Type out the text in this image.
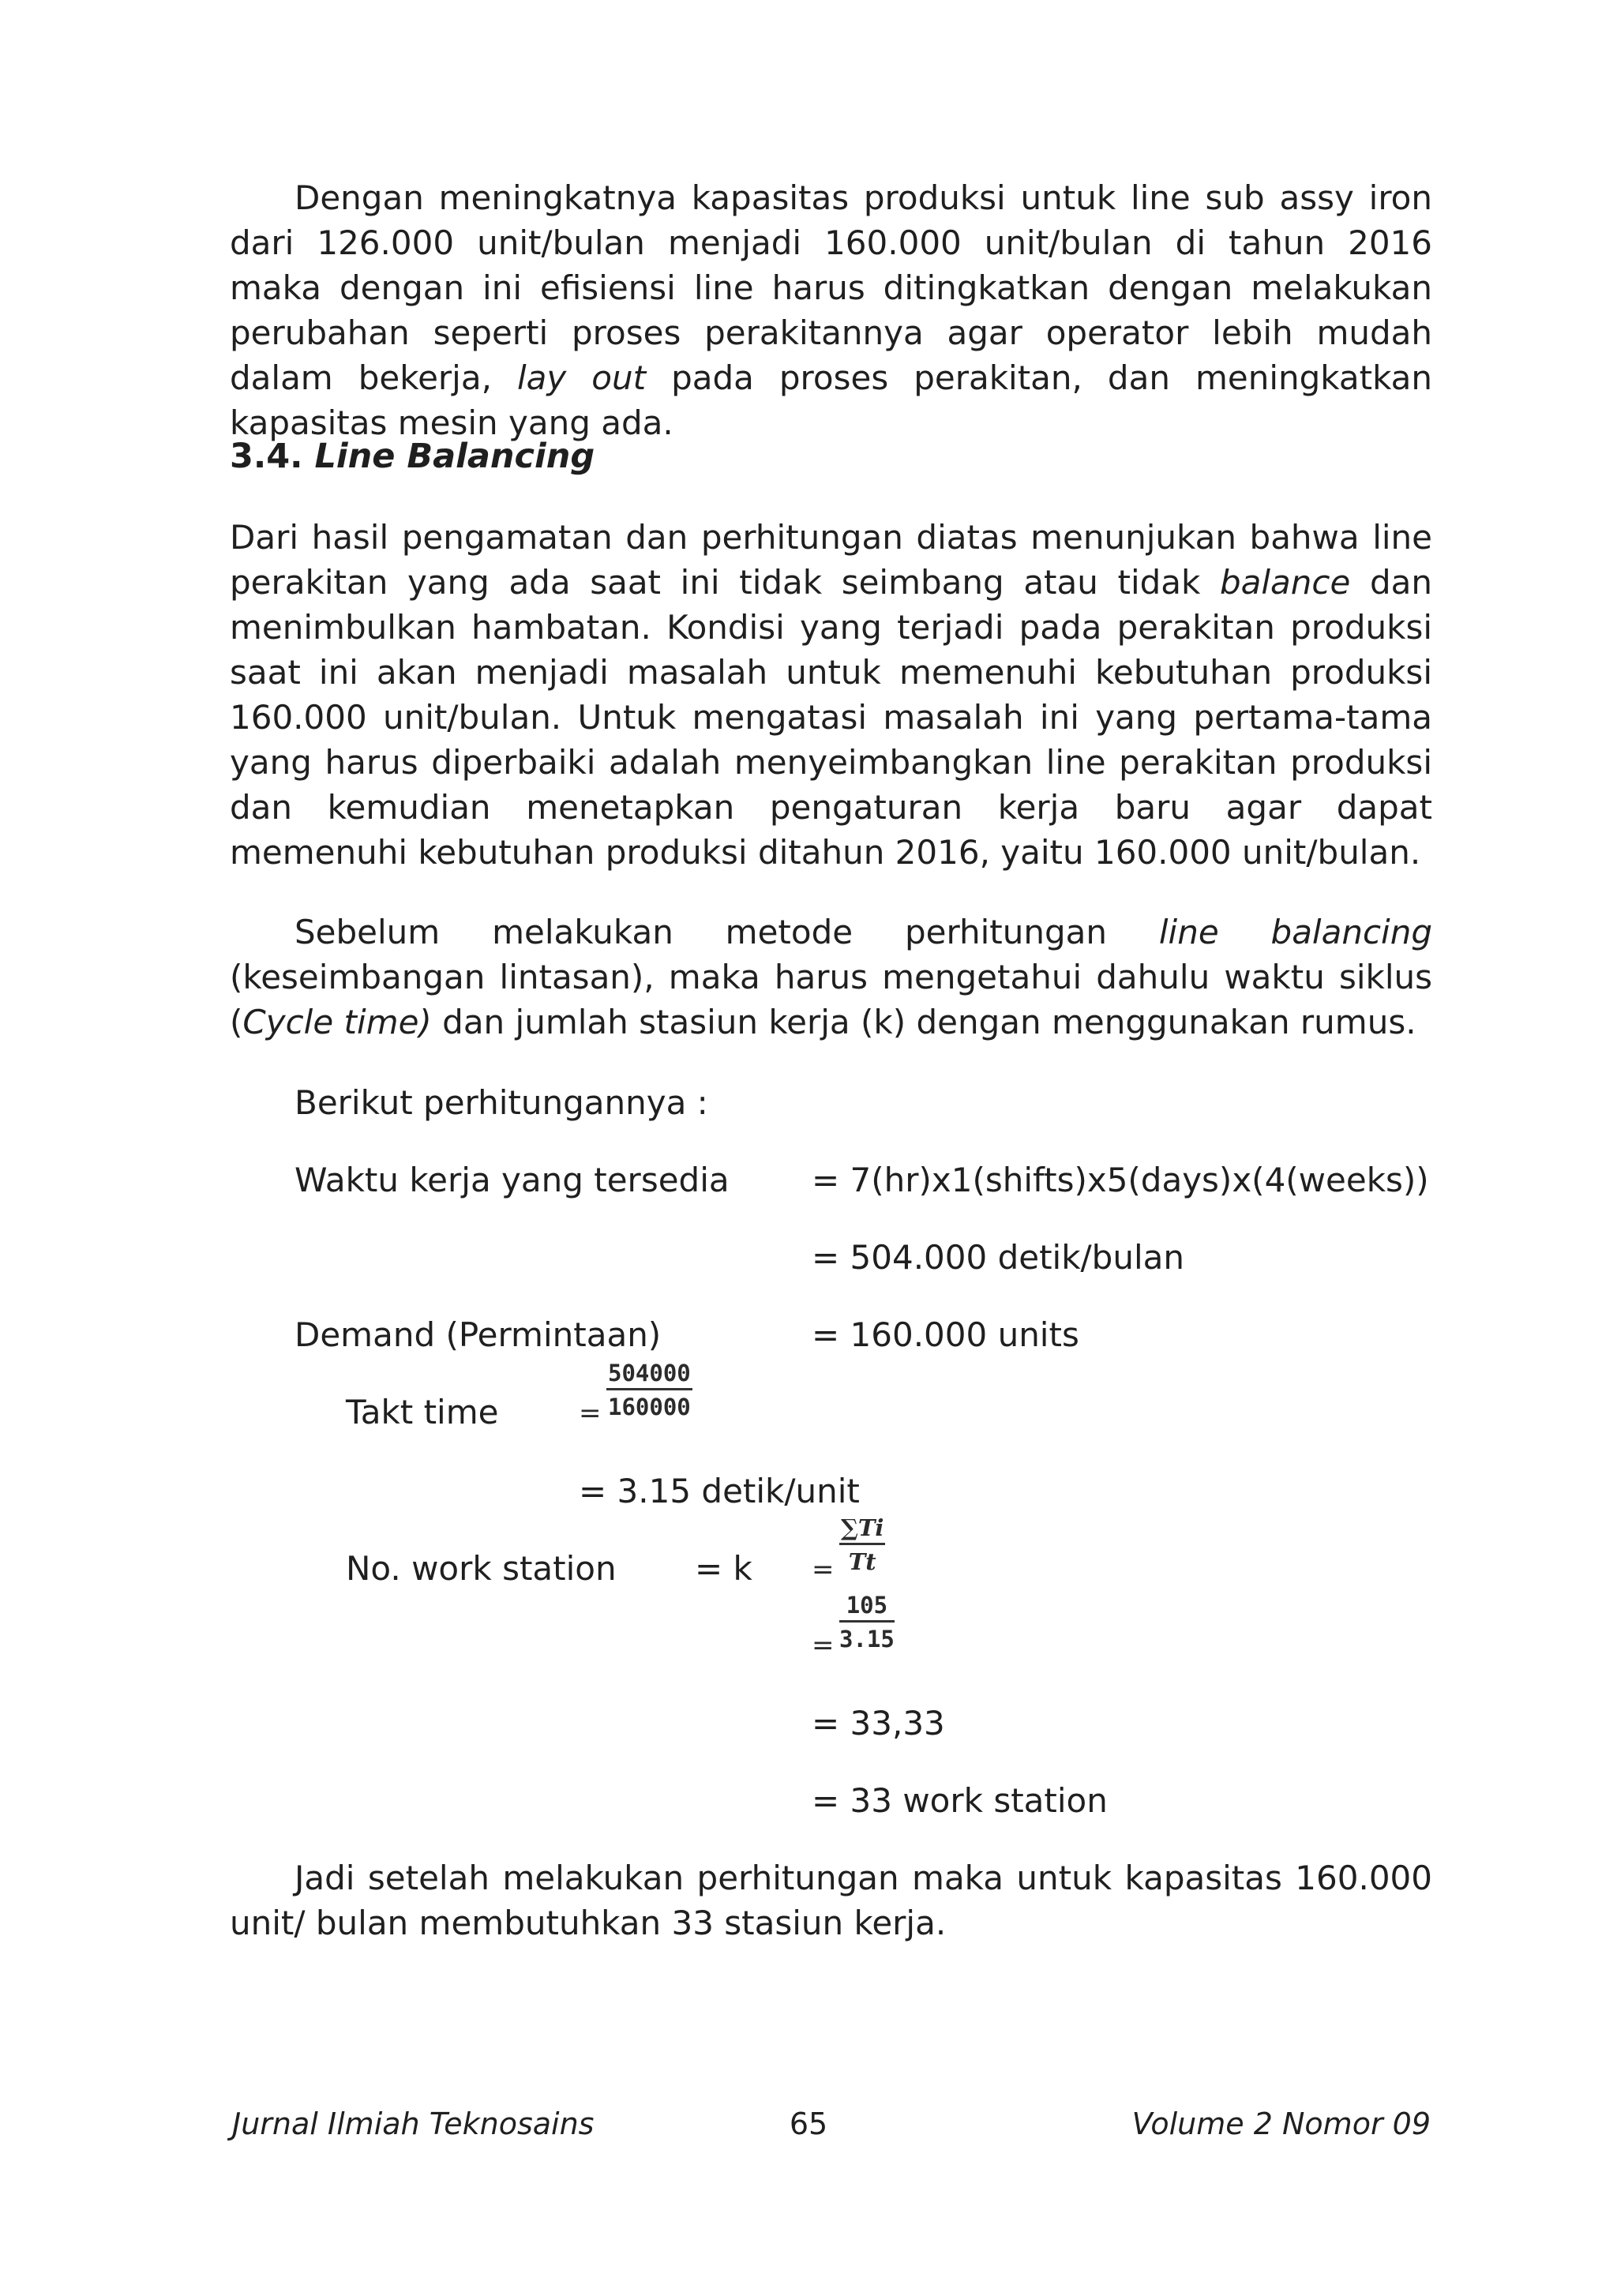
Dengan meningkatnya kapasitas produksi untuk line sub assy iron dari 126.000 unit/bulan menjadi 160.000 unit/bulan di tahun 2016 maka dengan ini efisiensi line harus ditingkatkan dengan melakukan perubahan seperti proses perakitannya agar operator lebih mudah dalam bekerja, lay out pada proses perakitan, dan meningkatkan kapasitas mesin yang ada.

3.4. Line Balancing

Dari hasil pengamatan dan perhitungan diatas menunjukan bahwa line perakitan yang ada saat ini tidak seimbang atau tidak balance dan menimbulkan hambatan. Kondisi yang terjadi pada perakitan produksi saat ini akan menjadi masalah untuk memenuhi kebutuhan produksi 160.000 unit/bulan. Untuk mengatasi masalah ini yang pertama-tama yang harus diperbaiki adalah menyeimbangkan line perakitan produksi dan kemudian menetapkan pengaturan kerja baru agar dapat memenuhi kebutuhan produksi ditahun 2016, yaitu 160.000 unit/bulan.

Sebelum melakukan metode perhitungan line balancing (keseimbangan lintasan), maka harus mengetahui dahulu waktu siklus (Cycle time) dan jumlah stasiun kerja (k) dengan menggunakan rumus.

Berikut perhitungannya :
Waktu kerja yang tersedia = 7(hr)x1(shifts)x5(days)x(4(weeks))
= 504.000 detik/bulan
Demand (Permintaan)	= 160.000 units
Takt time	= $\frac{504000}{160000}$
= 3.15 detik/unit
No. work station = $k = \frac{\sum Ti}{Tt}$
= $\frac{105}{3.15}$
= 33,33
= 33 work station

Jadi setelah melakukan perhitungan maka untuk kapasitas 160.000 unit/ bulan membutuhkan 33 stasiun kerja.

Jurnal Ilmiah Teknosains	65	Volume 2 Nomor 09
